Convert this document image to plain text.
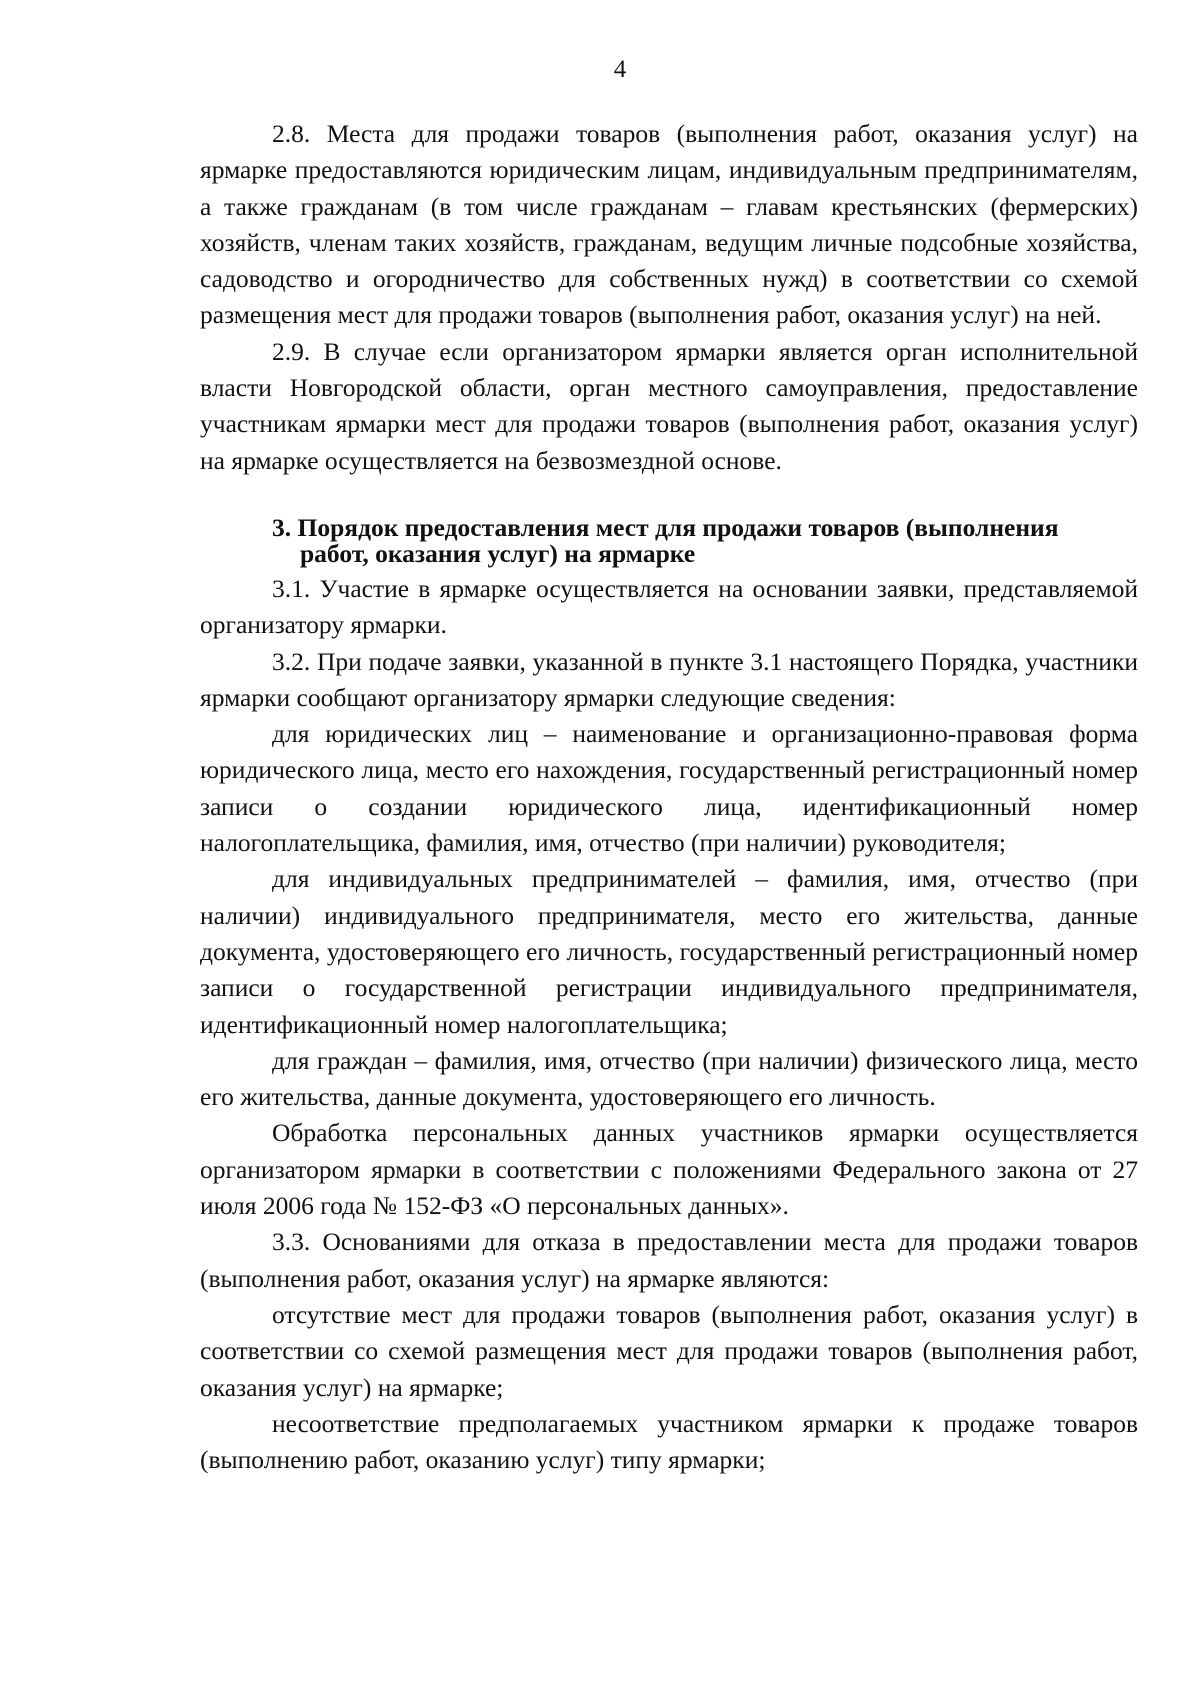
4

2.8. Места для продажи товаров (выполнения работ, оказания услуг) на ярмарке предоставляются юридическим лицам, индивидуальным предпринимателям, а также гражданам (в том числе гражданам – главам крестьянских (фермерских) хозяйств, членам таких хозяйств, гражданам, ведущим личные подсобные хозяйства, садоводство и огородничество для собственных нужд) в соответствии со схемой размещения мест для продажи товаров (выполнения работ, оказания услуг) на ней.

2.9. В случае если организатором ярмарки является орган исполнительной власти Новгородской области, орган местного самоуправления, предоставление участникам ярмарки мест для продажи товаров (выполнения работ, оказания услуг) на ярмарке осуществляется на безвозмездной основе.

3. Порядок предоставления мест для продажи товаров (выполнения
работ, оказания услуг) на ярмарке

3.1. Участие в ярмарке осуществляется на основании заявки, представляемой организатору ярмарки.

3.2. При подаче заявки, указанной в пункте 3.1 настоящего Порядка, участники ярмарки сообщают организатору ярмарки следующие сведения:

для юридических лиц – наименование и организационно-правовая форма юридического лица, место его нахождения, государственный регистрационный номер записи о создании юридического лица, идентификационный номер налогоплательщика, фамилия, имя, отчество (при наличии) руководителя;

для индивидуальных предпринимателей – фамилия, имя, отчество (при наличии) индивидуального предпринимателя, место его жительства, данные документа, удостоверяющего его личность, государственный регистрационный номер записи о государственной регистрации индивидуального предпринимателя, идентификационный номер налогоплательщика;

для граждан – фамилия, имя, отчество (при наличии) физического лица, место его жительства, данные документа, удостоверяющего его личность.

Обработка персональных данных участников ярмарки осуществляется организатором ярмарки в соответствии с положениями Федерального закона от 27 июля 2006 года № 152-ФЗ «О персональных данных».

3.3. Основаниями для отказа в предоставлении места для продажи товаров (выполнения работ, оказания услуг) на ярмарке являются:

отсутствие мест для продажи товаров (выполнения работ, оказания услуг) в соответствии со схемой размещения мест для продажи товаров (выполнения работ, оказания услуг) на ярмарке;

несоответствие предполагаемых участником ярмарки к продаже товаров (выполнению работ, оказанию услуг) типу ярмарки;
